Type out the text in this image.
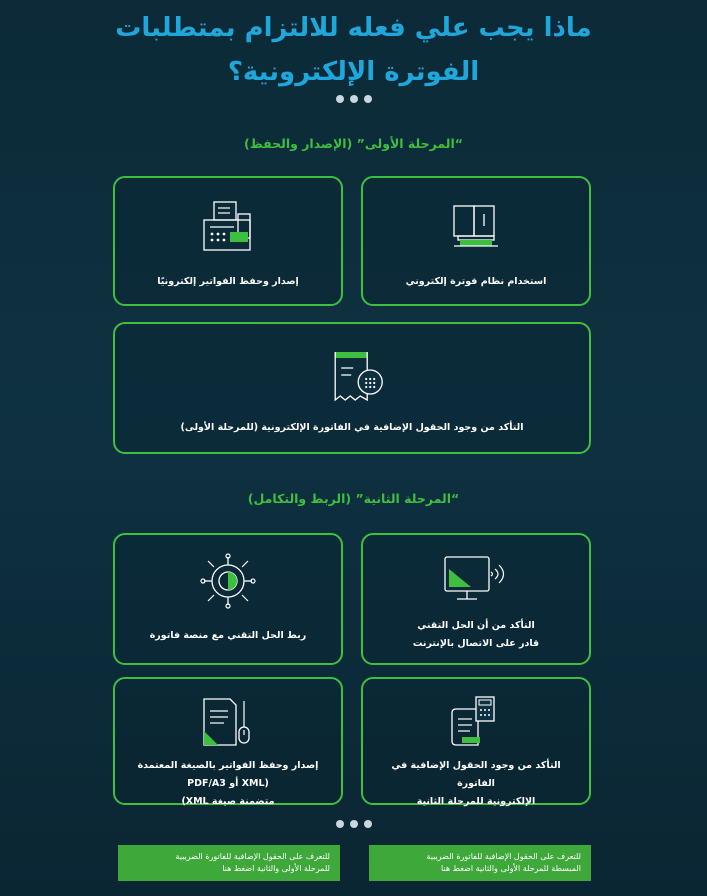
ماذا يجب علي فعله للالتزام بمتطلبات
الفوترة الإلكترونية؟
“المرحلة الأولى” (الإصدار والحفظ)
استخدام نظام فوترة إلكتروني
إصدار وحفظ الفواتير إلكترونيًا
التأكد من وجود الحقول الإضافية في الفاتورة الإلكترونية (للمرحلة الأولى)
“المرحلة الثانية” (الربط والتكامل)
التأكد من أن الحل التقني
قادر على الاتصال بالإنترنت
ربط الحل التقني مع منصة فاتورة
التأكد من وجود الحقول الإضافية في الفاتورة
الإلكترونية للمرحلة الثانية
إصدار وحفظ الفواتير بالصيغة المعتمدة (XML أو PDF/A3
متضمنة صيغة XML)
للتعرف على الحقول الإضافية للفاتورة الضريبية
المبسطة للمرحلة الأولى والثانية اضغط هنا
للتعرف على الحقول الإضافية للفاتورة الضريبية
للمرحلة الأولى والثانية اضغط هنا
